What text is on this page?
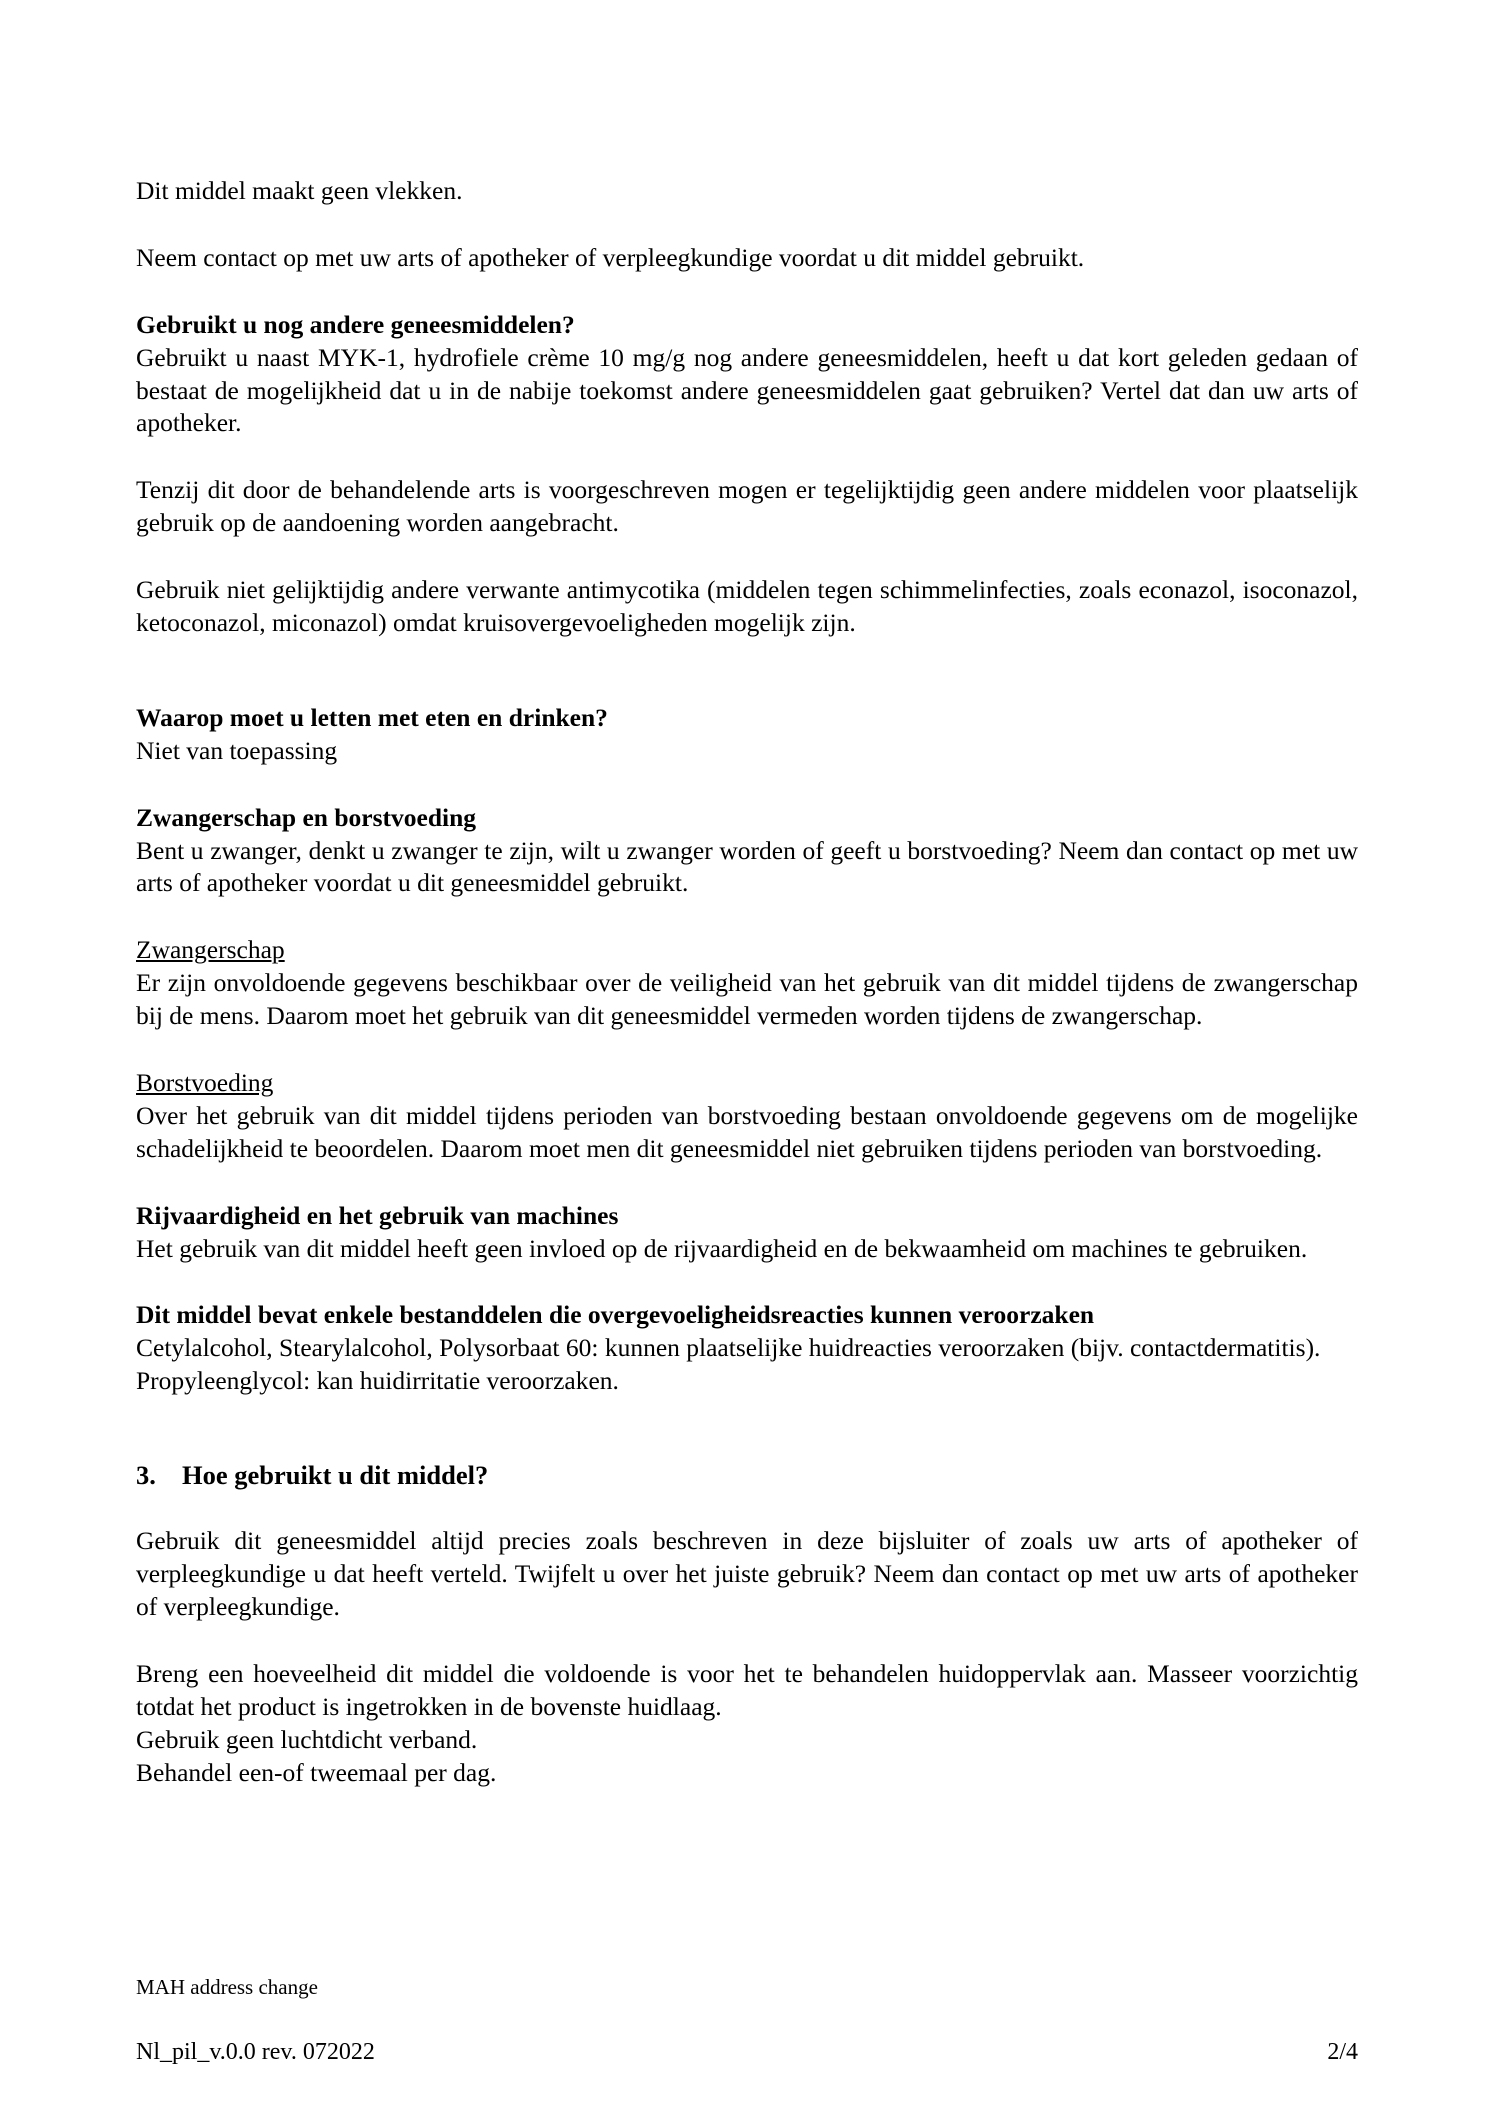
Dit middel maakt geen vlekken.

Neem contact op met uw arts of apotheker of verpleegkundige voordat u dit middel gebruikt.

Gebruikt u nog andere geneesmiddelen?

Gebruikt u naast MYK-1, hydrofiele crème 10 mg/g nog andere geneesmiddelen, heeft u dat kort geleden gedaan of bestaat de mogelijkheid dat u in de nabije toekomst andere geneesmiddelen gaat gebruiken? Vertel dat dan uw arts of apotheker.

Tenzij dit door de behandelende arts is voorgeschreven mogen er tegelijktijdig geen andere middelen voor plaatselijk gebruik op de aandoening worden aangebracht.

Gebruik niet gelijktijdig andere verwante antimycotika (middelen tegen schimmelinfecties, zoals econazol, isoconazol, ketoconazol, miconazol) omdat kruisovergevoeligheden mogelijk zijn.

Waarop moet u letten met eten en drinken?

Niet van toepassing

Zwangerschap en borstvoeding

Bent u zwanger, denkt u zwanger te zijn, wilt u zwanger worden of geeft u borstvoeding? Neem dan contact op met uw arts of apotheker voordat u dit geneesmiddel gebruikt.

Zwangerschap

Er zijn onvoldoende gegevens beschikbaar over de veiligheid van het gebruik van dit middel tijdens de zwangerschap bij de mens. Daarom moet het gebruik van dit geneesmiddel vermeden worden tijdens de zwangerschap.

Borstvoeding

Over het gebruik van dit middel tijdens perioden van borstvoeding bestaan onvoldoende gegevens om de mogelijke schadelijkheid te beoordelen. Daarom moet men dit geneesmiddel niet gebruiken tijdens perioden van borstvoeding.

Rijvaardigheid en het gebruik van machines

Het gebruik van dit middel heeft geen invloed op de rijvaardigheid en de bekwaamheid om machines te gebruiken.

Dit middel bevat enkele bestanddelen die overgevoeligheidsreacties kunnen veroorzaken

Cetylalcohol, Stearylalcohol, Polysorbaat 60: kunnen plaatselijke huidreacties veroorzaken (bijv. contactdermatitis).

Propyleenglycol: kan huidirritatie veroorzaken.

3. Hoe gebruikt u dit middel?

Gebruik dit geneesmiddel altijd precies zoals beschreven in deze bijsluiter of zoals uw arts of apotheker of verpleegkundige u dat heeft verteld. Twijfelt u over het juiste gebruik? Neem dan contact op met uw arts of apotheker of verpleegkundige.

Breng een hoeveelheid dit middel die voldoende is voor het te behandelen huidoppervlak aan. Masseer voorzichtig totdat het product is ingetrokken in de bovenste huidlaag.

Gebruik geen luchtdicht verband.

Behandel een-of tweemaal per dag.

MAH address change

Nl_pil_v.0.0 rev. 072022	2/4
